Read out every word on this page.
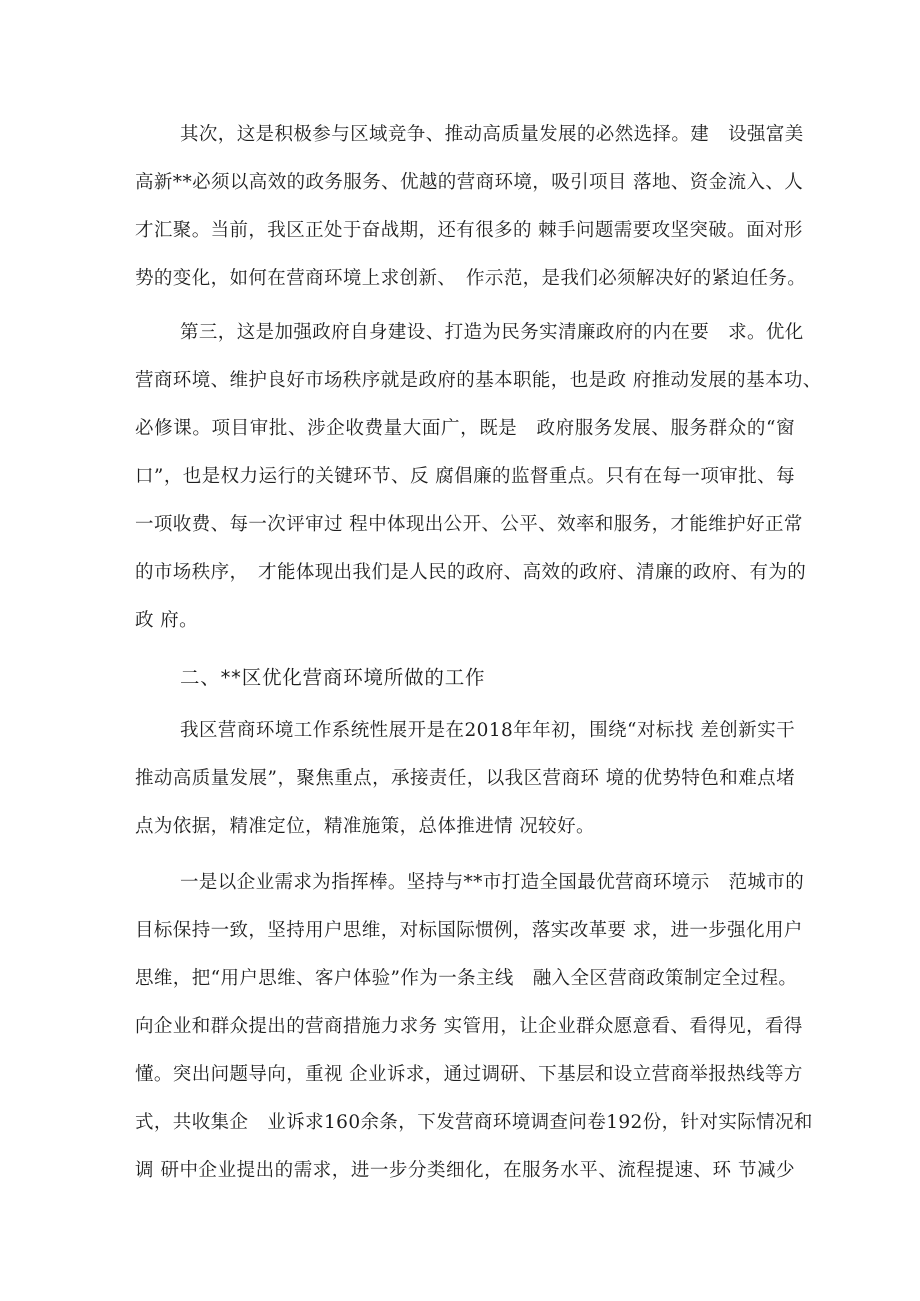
其次，这是积极参与区域竞争、推动高质量发展的必然选择。建　设强富美
高新**必须以高效的政务服务、优越的营商环境，吸引项目 落地、资金流入、人
才汇聚。当前，我区正处于奋战期，还有很多的 棘手问题需要攻坚突破。面对形
势的变化，如何在营商环境上求创新、　作示范，是我们必须解决好的紧迫任务。
第三，这是加强政府自身建设、打造为民务实清廉政府的内在要　求。优化
营商环境、维护良好市场秩序就是政府的基本职能，也是政 府推动发展的基本功、
必修课。项目审批、涉企收费量大面广，既是　政府服务发展、服务群众的“窗
口”，也是权力运行的关键环节、反 腐倡廉的监督重点。只有在每一项审批、每
一项收费、每一次评审过 程中体现出公开、公平、效率和服务，才能维护好正常
的市场秩序，　才能体现出我们是人民的政府、高效的政府、清廉的政府、有为的
政 府。
二、**区优化营商环境所做的工作
我区营商环境工作系统性展开是在2018年年初，围绕“对标找 差创新实干
推动高质量发展”，聚焦重点，承接责任，以我区营商环 境的优势特色和难点堵
点为依据，精准定位，精准施策，总体推进情 况较好。
一是以企业需求为指挥棒。坚持与**市打造全国最优营商环境示　范城市的
目标保持一致，坚持用户思维，对标国际惯例，落实改革要 求，进一步强化用户
思维，把“用户思维、客户体验”作为一条主线　融入全区营商政策制定全过程。
向企业和群众提出的营商措施力求务 实管用，让企业群众愿意看、看得见，看得
懂。突出问题导向，重视 企业诉求，通过调研、下基层和设立营商举报热线等方
式，共收集企　业诉求160余条，下发营商环境调查问卷192份，针对实际情况和
调 研中企业提出的需求，进一步分类细化，在服务水平、流程提速、环 节减少
